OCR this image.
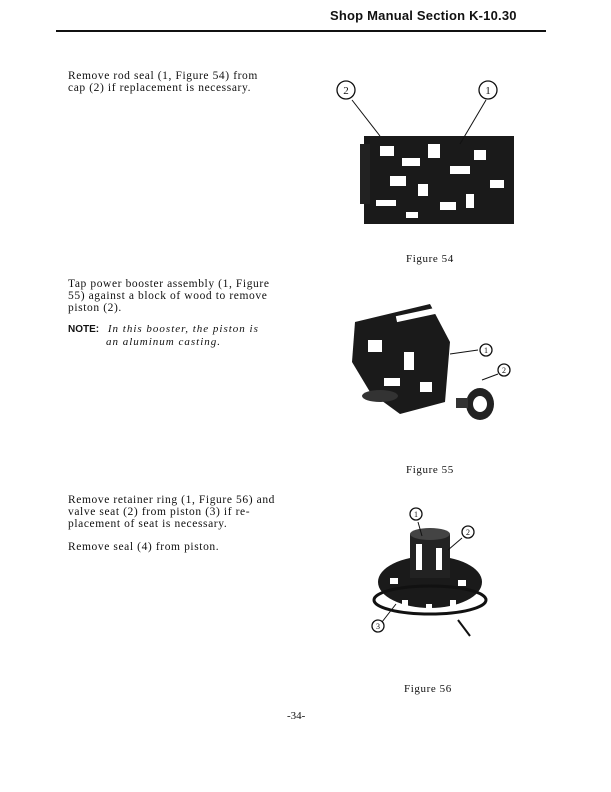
Shop Manual Section K-10.30
Remove rod seal (1, Figure 54) from
cap (2) if replacement is necessary.	2	1
Figure 54
Tap power booster assembly (1, Figure
55) against a block of wood to remove
piston (2).
NOTE: In this booster, the piston is
an aluminum casting.
1
2
Figure 55
Remove retainer ring (1, Figure 56) and
valve seat (2) from piston (3) if re-
placement of seat is necessary.
Remove seal (4) from piston.
1
2
3
Figure 56
-34-
